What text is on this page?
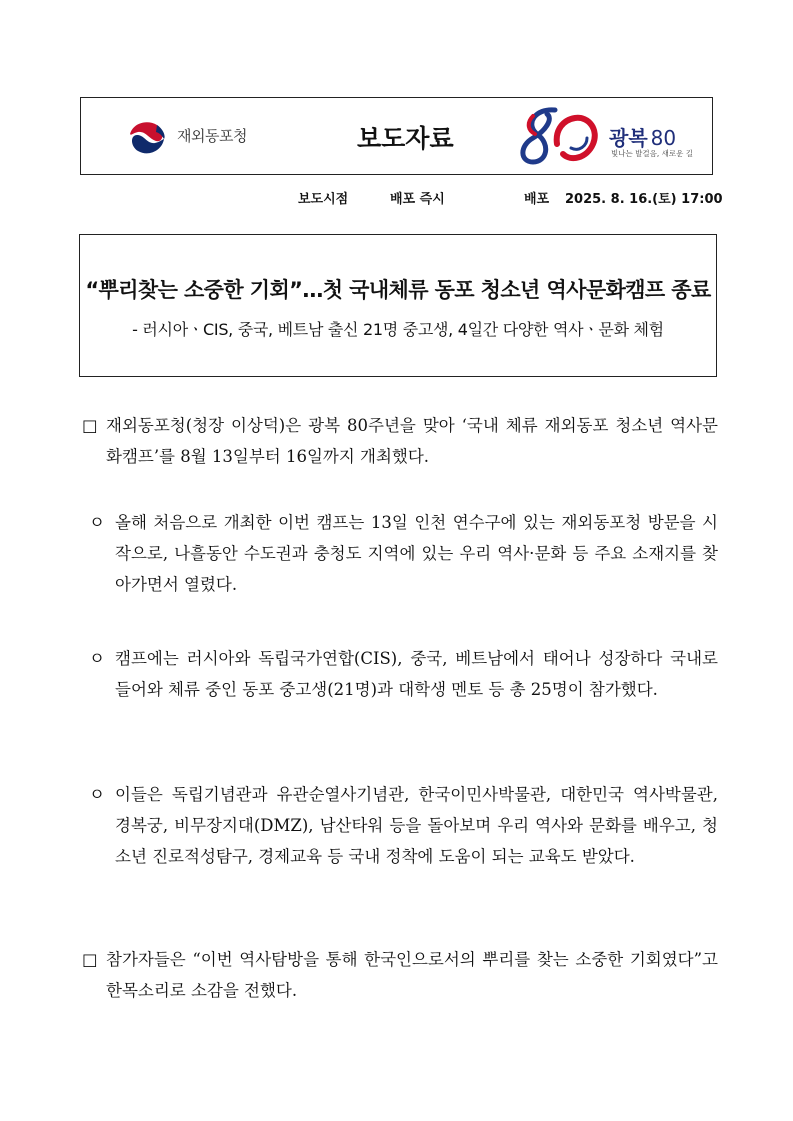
재외동포청	보도자료	광복 80
빛나는 발걸음, 새로운 길
보도시점	배포 즉시	배포 2025. 8. 16.(토) 17:00
“뿌리찾는 소중한 기회”…첫 국내체류 동포 청소년 역사문화캠프 종료
- 러시아ㆍCIS, 중국, 베트남 출신 21명 중고생, 4일간 다양한 역사ㆍ문화 체험

□ 재외동포청(청장 이상덕)은 광복 80주년을 맞아 ‘국내 체류 재외동포 청소년 역사문화캠프’를 8월 13일부터 16일까지 개최했다.

ㅇ 올해 처음으로 개최한 이번 캠프는 13일 인천 연수구에 있는 재외동포청 방문을 시작으로, 나흘동안 수도권과 충청도 지역에 있는 우리 역사·문화 등 주요 소재지를 찾아가면서 열렸다.

ㅇ 캠프에는 러시아와 독립국가연합(CIS), 중국, 베트남에서 태어나 성장하다 국내로 들어와 체류 중인 동포 중고생(21명)과 대학생 멘토 등 총 25명이 참가했다.

ㅇ 이들은 독립기념관과 유관순열사기념관, 한국이민사박물관, 대한민국 역사박물관, 경복궁, 비무장지대(DMZ), 남산타워 등을 돌아보며 우리 역사와 문화를 배우고, 청소년 진로적성탐구, 경제교육 등 국내 정착에 도움이 되는 교육도 받았다.

□ 참가자들은 “이번 역사탐방을 통해 한국인으로서의 뿌리를 찾는 소중한 기회였다”고 한목소리로 소감을 전했다.
